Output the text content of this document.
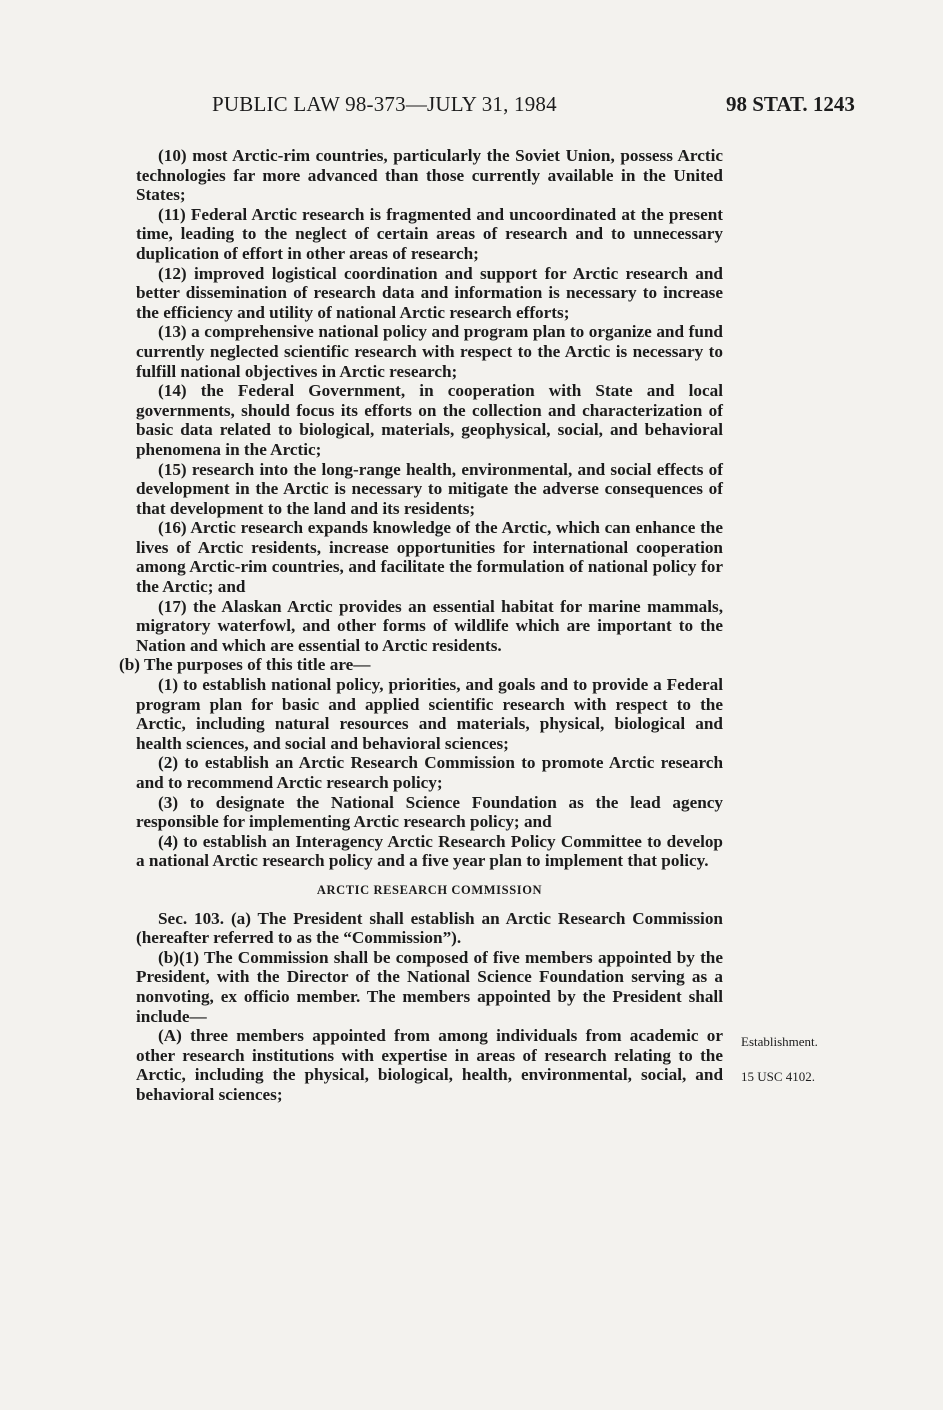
PUBLIC LAW 98-373—JULY 31, 1984	98 STAT. 1243

(10) most Arctic-rim countries, particularly the Soviet Union, possess Arctic technologies far more advanced than those currently available in the United States;

(11) Federal Arctic research is fragmented and uncoordinated at the present time, leading to the neglect of certain areas of research and to unnecessary duplication of effort in other areas of research;

(12) improved logistical coordination and support for Arctic research and better dissemination of research data and information is necessary to increase the efficiency and utility of national Arctic research efforts;

(13) a comprehensive national policy and program plan to organize and fund currently neglected scientific research with respect to the Arctic is necessary to fulfill national objectives in Arctic research;

(14) the Federal Government, in cooperation with State and local governments, should focus its efforts on the collection and characterization of basic data related to biological, materials, geophysical, social, and behavioral phenomena in the Arctic;

(15) research into the long-range health, environmental, and social effects of development in the Arctic is necessary to mitigate the adverse consequences of that development to the land and its residents;

(16) Arctic research expands knowledge of the Arctic, which can enhance the lives of Arctic residents, increase opportunities for international cooperation among Arctic-rim countries, and facilitate the formulation of national policy for the Arctic; and

(17) the Alaskan Arctic provides an essential habitat for marine mammals, migratory waterfowl, and other forms of wildlife which are important to the Nation and which are essential to Arctic residents.

(b) The purposes of this title are—

(1) to establish national policy, priorities, and goals and to provide a Federal program plan for basic and applied scientific research with respect to the Arctic, including natural resources and materials, physical, biological and health sciences, and social and behavioral sciences;

(2) to establish an Arctic Research Commission to promote Arctic research and to recommend Arctic research policy;

(3) to designate the National Science Foundation as the lead agency responsible for implementing Arctic research policy; and

(4) to establish an Interagency Arctic Research Policy Committee to develop a national Arctic research policy and a five year plan to implement that policy.

ARCTIC RESEARCH COMMISSION

Sec. 103. (a) The President shall establish an Arctic Research Commission (hereafter referred to as the “Commission”).

(b)(1) The Commission shall be composed of five members appointed by the President, with the Director of the National Science Foundation serving as a nonvoting, ex officio member. The members appointed by the President shall include—

(A) three members appointed from among individuals from academic or other research institutions with expertise in areas of research relating to the Arctic, including the physical, biological, health, environmental, social, and behavioral sciences;

Establishment.
15 USC 4102.
